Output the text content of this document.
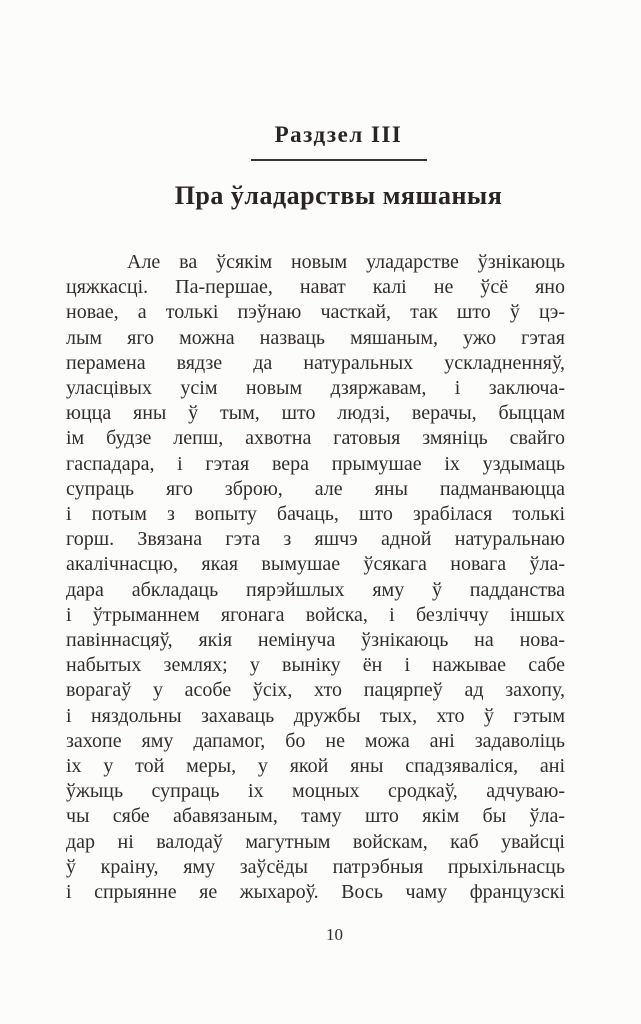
Раздзел III
Пра ўладарствы мяшаныя
Але ва ўсякім новым уладарстве ўзнікаюць
цяжкасці. Па-першае, нават калі не ўсё яно
новае, а толькі пэўнаю часткай, так што ў цэ-
лым яго можна назваць мяшаным, ужо гэтая
перамена вядзе да натуральных ускладненняў,
уласцівых усім новым дзяржавам, і заключа-
юцца яны ў тым, што людзі, верачы, быццам
ім будзе лепш, ахвотна гатовыя змяніць свайго
гаспадара, і гэтая вера прымушае іх уздымаць
супраць яго зброю, але яны падманваюцца
і потым з вопыту бачаць, што зрабілася толькі
горш. Звязана гэта з яшчэ адной натуральнаю
акалічнасцю, якая вымушае ўсякага новага ўла-
дара абкладаць пярэйшлых яму ў падданства
і ўтрыманнем ягонага войска, і безліччу іншых
павіннасцяў, якія немінуча ўзнікаюць на нова-
набытых землях; у выніку ён і нажывае сабе
ворагаў у асобе ўсіх, хто пацярпеў ад захопу,
і няздольны захаваць дружбы тых, хто ў гэтым
захопе яму дапамог, бо не можа ані задаволіць
іх у той меры, у якой яны спадзяваліся, ані
ўжыць супраць іх моцных сродкаў, адчуваю-
чы сябе абавязаным, таму што якім бы ўла-
дар ні валодаў магутным войскам, каб увайсці
ў краіну, яму заўсёды патрэбныя прыхільнасць
і спрыянне яе жыхароў. Вось чаму французскі
10
